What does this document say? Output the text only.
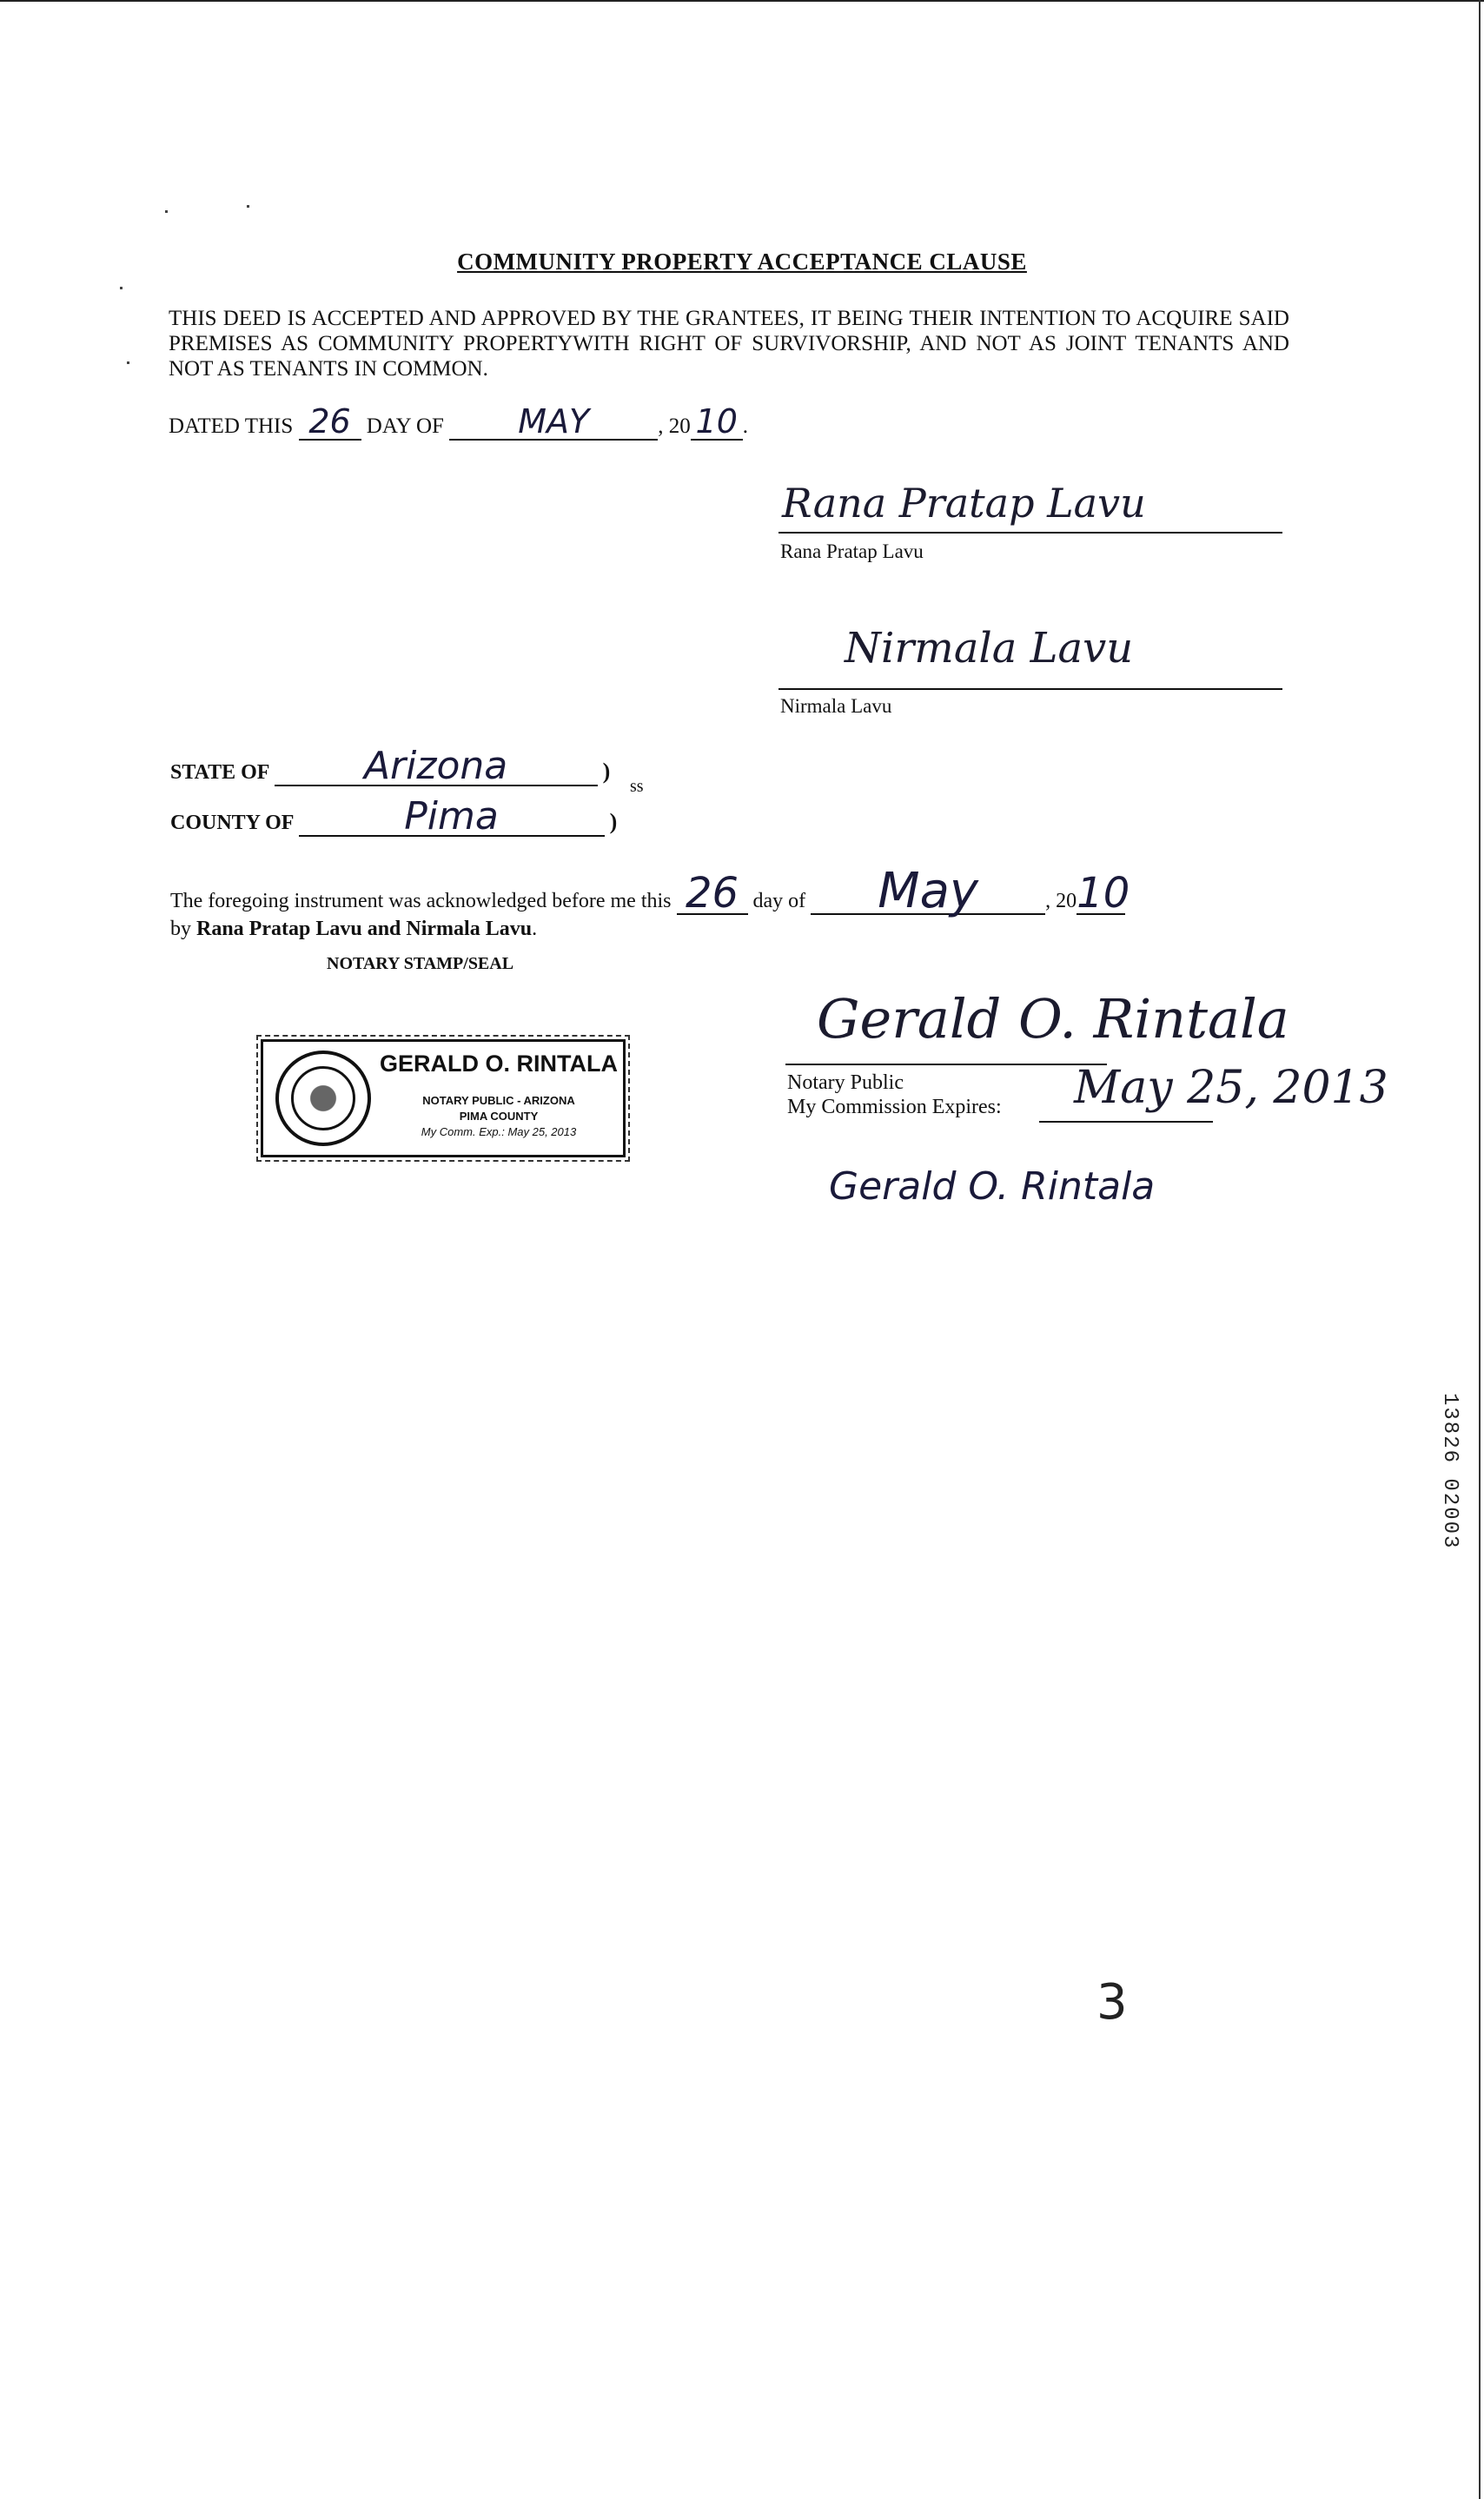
COMMUNITY PROPERTY ACCEPTANCE CLAUSE
THIS DEED IS ACCEPTED AND APPROVED BY THE GRANTEES, IT BEING THEIR INTENTION TO ACQUIRE SAID PREMISES AS COMMUNITY PROPERTYWITH RIGHT OF SURVIVORSHIP, AND NOT AS JOINT TENANTS AND NOT AS TENANTS IN COMMON.
DATED THIS 26 DAY OF MAY	, 20 10 .
Rana Pratap Lavu
Rana Pratap Lavu
Nirmala Lavu
Nirmala Lavu
STATE OF Arizona	)
ss
COUNTY OF	Pima	)
The foregoing instrument was acknowledged before me this 26 day of May	, 2010
by Rana Pratap Lavu and Nirmala Lavu.
NOTARY STAMP/SEAL
GERALD O. RINTALA
NOTARY PUBLIC - ARIZONA
PIMA COUNTY
My Comm. Exp.: May 25, 2013
Gerald O. Rintala
Notary Public
My Commission Expires: May 25, 2013
Gerald O. Rintala
13826 02003
3
